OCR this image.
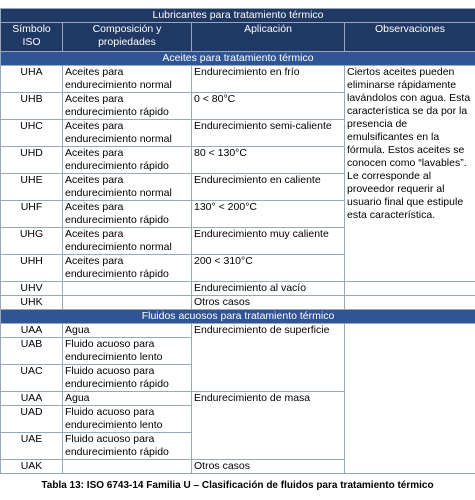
Lubricantes para tratamiento térmico			
Símbolo ISO	Composición y propiedades	Aplicación	Observaciones
Aceites para tratamiento térmico			
UHA	Aceites para endurecimiento normal	Endurecimiento en frío	Ciertos aceites pueden eliminarse rápidamente lavándolos con agua. Esta característica se da por la presencia de emulsificantes en la fórmula. Estos aceites se conocen como “lavables”. Le corresponde al proveedor requerir al usuario final que estipule esta característica.
UHB	Aceites para endurecimiento rápido	0 < 80°C	
UHC	Aceites para endurecimiento normal	Endurecimiento semi-caliente	
UHD	Aceites para endurecimiento rápido	80 < 130°C	
UHE	Aceites para endurecimiento normal	Endurecimiento en caliente	
UHF	Aceites para endurecimiento rápido	130° < 200°C	
UHG	Aceites para endurecimiento normal	Endurecimiento muy caliente	
UHH	Aceites para endurecimiento rápido	200 < 310°C	
UHV		Endurecimiento al vacío	
UHK		Otros casos	
Fluidos acuosos para tratamiento térmico			
UAA	Agua	Endurecimiento de superficie	
UAB	Fluido acuoso para endurecimiento lento		
UAC	Fluido acuoso para endurecimiento rápido		
UAA	Agua	Endurecimiento de masa	
UAD	Fluido acuoso para endurecimiento lento		
UAE	Fluido acuoso para endurecimiento rápido		
UAK		Otros casos	
Tabla 13: ISO 6743-14 Familia U – Clasificación de fluidos para tratamiento térmico
